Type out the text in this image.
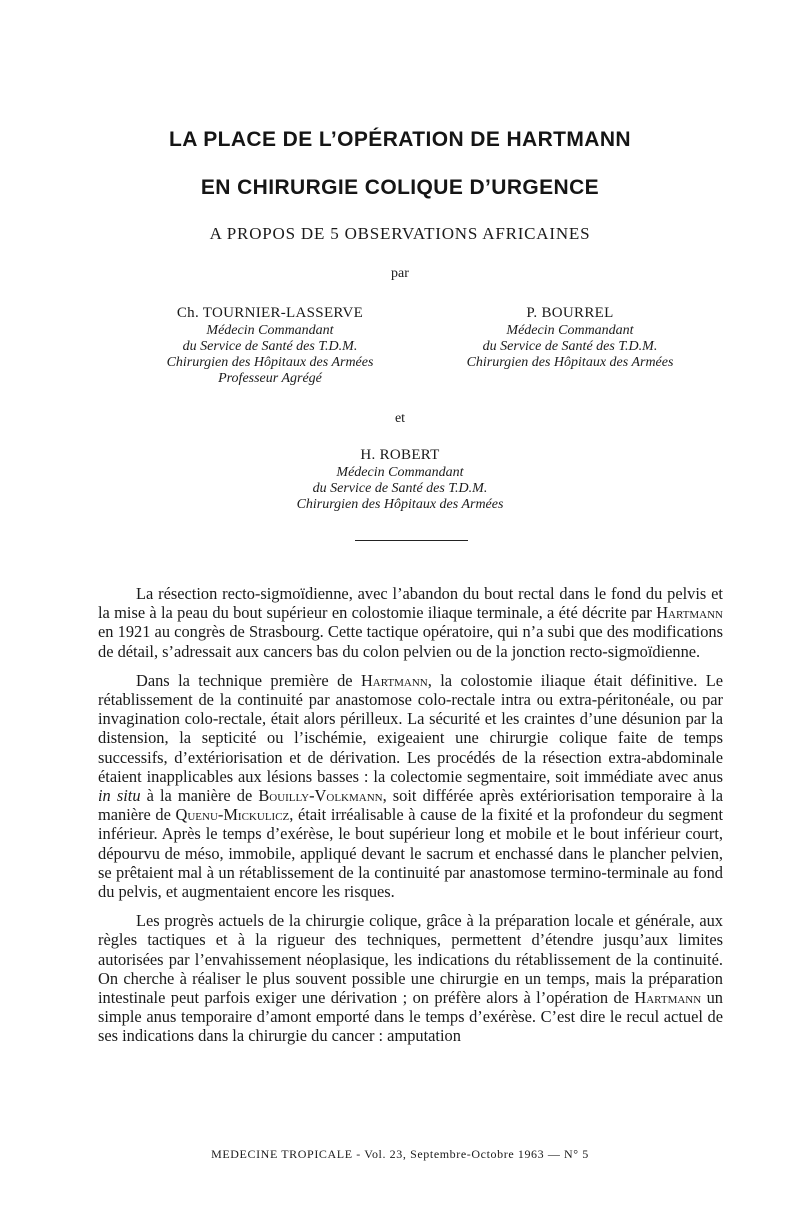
LA PLACE DE L’OPÉRATION DE HARTMANN
EN CHIRURGIE COLIQUE D’URGENCE

A PROPOS DE 5 OBSERVATIONS AFRICAINES

par

Ch. TOURNIER-LASSERVE
Médecin Commandant
du Service de Santé des T.D.M.
Chirurgien des Hôpitaux des Armées
Professeur Agrégé
P. BOURREL
Médecin Commandant
du Service de Santé des T.D.M.
Chirurgien des Hôpitaux des Armées

et

H. ROBERT
Médecin Commandant
du Service de Santé des T.D.M.
Chirurgien des Hôpitaux des Armées

La résection recto-sigmoïdienne, avec l’abandon du bout rectal dans le fond du pelvis et la mise à la peau du bout supérieur en colostomie iliaque terminale, a été décrite par Hartmann en 1921 au congrès de Strasbourg. Cette tactique opératoire, qui n’a subi que des modifications de détail, s’adressait aux cancers bas du colon pelvien ou de la jonction recto-sigmoïdienne.

Dans la technique première de Hartmann, la colostomie iliaque était définitive. Le rétablissement de la continuité par anastomose colo-rectale intra ou extra-péritonéale, ou par invagination colo-rectale, était alors périlleux. La sécurité et les craintes d’une désunion par la distension, la septicité ou l’ischémie, exigeaient une chirurgie colique faite de temps successifs, d’extériorisation et de dérivation. Les procédés de la résection extra-abdominale étaient inapplicables aux lésions basses : la colectomie segmentaire, soit immédiate avec anus in situ à la manière de Bouilly-Volkmann, soit différée après extériorisation temporaire à la manière de Quenu-Mickulicz, était irréalisable à cause de la fixité et la profondeur du segment inférieur. Après le temps d’exérèse, le bout supérieur long et mobile et le bout inférieur court, dépourvu de méso, immobile, appliqué devant le sacrum et enchassé dans le plancher pelvien, se prêtaient mal à un rétablissement de la continuité par anastomose termino-terminale au fond du pelvis, et augmentaient encore les risques.

Les progrès actuels de la chirurgie colique, grâce à la préparation locale et générale, aux règles tactiques et à la rigueur des techniques, permettent d’étendre jusqu’aux limites autorisées par l’envahissement néoplasique, les indications du rétablissement de la continuité. On cherche à réaliser le plus souvent possible une chirurgie en un temps, mais la préparation intestinale peut parfois exiger une dérivation ; on préfère alors à l’opération de Hartmann un simple anus temporaire d’amont emporté dans le temps d’exérèse. C’est dire le recul actuel de ses indications dans la chirurgie du cancer : amputation

MEDECINE TROPICALE - Vol. 23, Septembre-Octobre 1963 — N° 5
